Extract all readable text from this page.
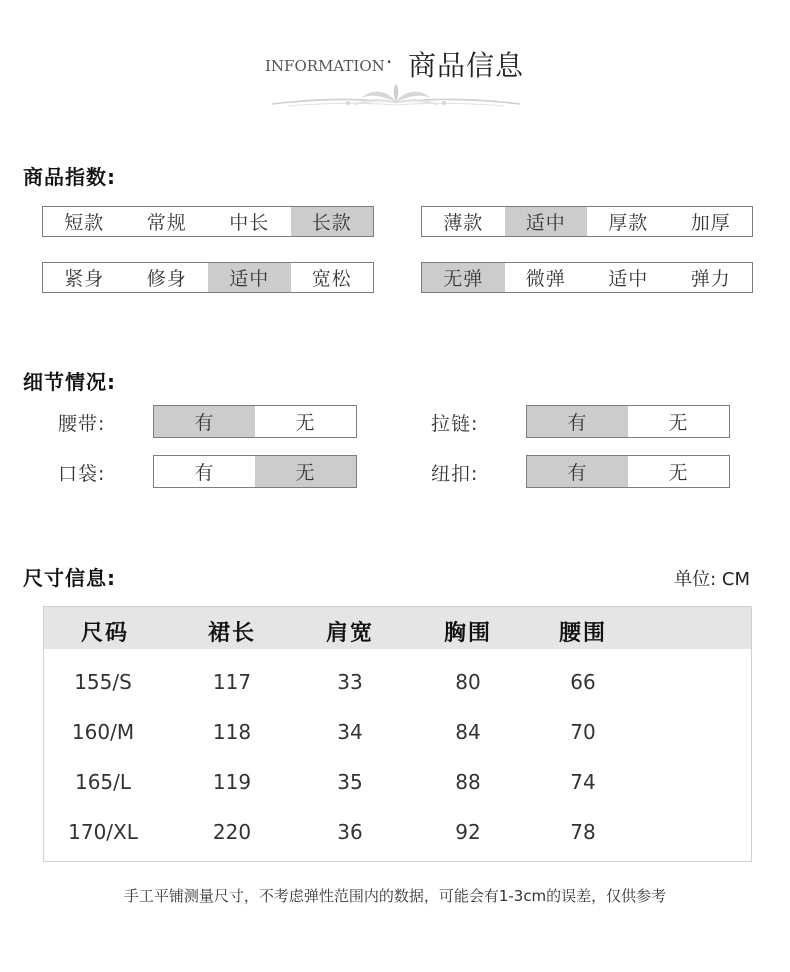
INFORMATION · 商品信息
商品指数:
短款	常规	中长	长款	薄款	适中	厚款	加厚
紧身	修身	适中	宽松	无弹	微弹	适中	弹力
细节情况:
腰带:	有	无	拉链:	有	无
口袋:	有	无	纽扣:	有	无
尺寸信息:	单位: CM
尺码	裙长	肩宽	胸围	腰围
155/S	117	33	80	66
160/M	118	34	84	70
165/L	119	35	88	74
170/XL	220	36	92	78
手工平铺测量尺寸，不考虑弹性范围内的数据，可能会有1-3cm的误差，仅供参考
